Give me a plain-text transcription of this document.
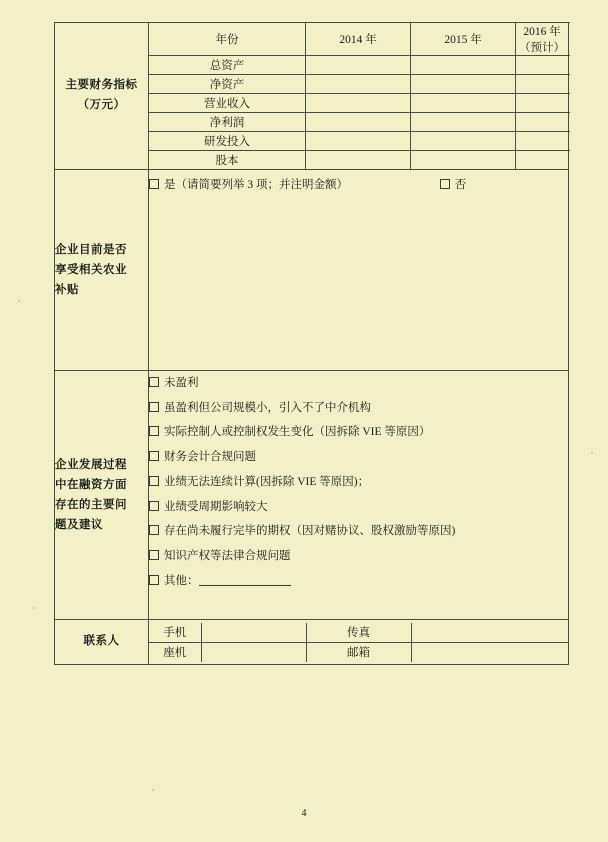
主要财务指标
（万元）
	年份	2014 年	2015 年	2016 年（预计）
总资产			
净资产			
营业收入			
净利润			
研发投入			
股本			

企业目前是否
享受相关农业
补贴

是（请简要列举 3 项；并注明金额）	否

企业发展过程
中在融资方面
存在的主要问
题及建议

未盈利
虽盈利但公司规模小，引入不了中介机构
实际控制人或控制权发生变化（因拆除 VIE 等原因）
财务会计合规问题
业绩无法连续计算(因拆除 VIE 等原因)；
业绩受周期影响较大
存在尚未履行完毕的期权（因对赌协议、股权激励等原因)
知识产权等法律合规问题
其他：

联系人	
手机		传真	
座机		邮箱	
4
